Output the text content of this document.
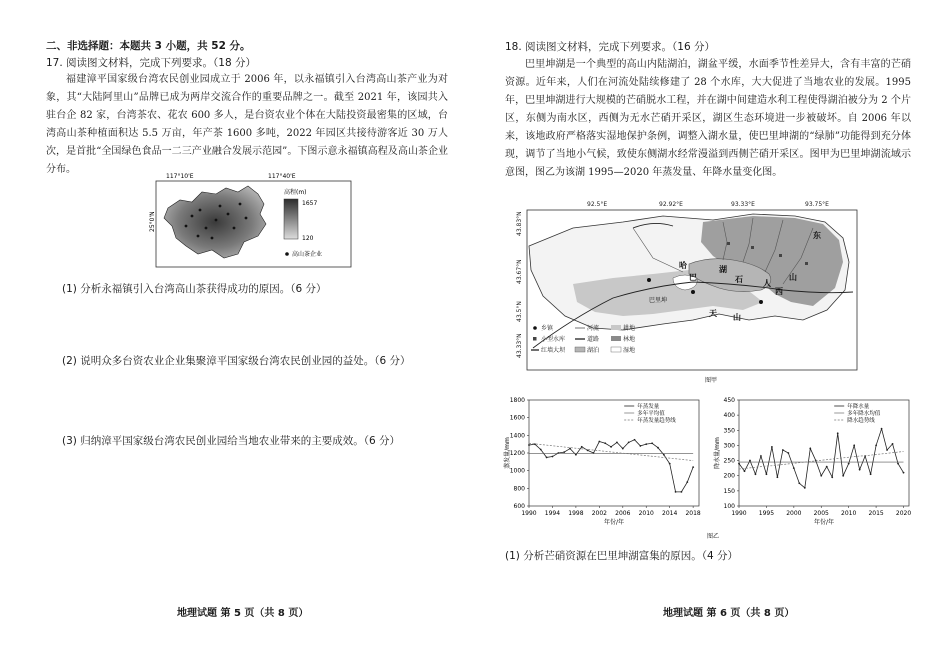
二、非选择题：本题共 3 小题，共 52 分。
17. 阅读图文材料，完成下列要求。（18 分）
福建漳平国家级台湾农民创业园成立于 2006 年，以永福镇引入台湾高山茶产业为对象，其“大陆阿里山”品牌已成为两岸交流合作的重要品牌之一。截至 2021 年，该园共入驻台企 82 家，台湾茶农、花农 600 多人，是台资农业个体在大陆投资最密集的区域，台湾高山茶种植面积达 5.5 万亩，年产茶 1600 多吨，2022 年园区共接待游客近 30 万人次，是首批“全国绿色食品一二三产业融合发展示范园”。下图示意永福镇高程及高山茶企业分布。
117°10'E	117°40'E
25°0'N
高程(m)
1657
120
高山茶企业
(1) 分析永福镇引入台湾高山茶获得成功的原因。（6 分）
(2) 说明众多台资农业企业集聚漳平国家级台湾农民创业园的益处。（6 分）
(3) 归纳漳平国家级台湾农民创业园给当地农业带来的主要成效。（6 分）
地理试题 第 5 页（共 8 页）
18. 阅读图文材料，完成下列要求。（16 分）
巴里坤湖是一个典型的高山内陆湖泊，湖盆平缓，水面季节性差异大，含有丰富的芒硝资源。近年来，人们在河流处陆续修建了 28 个水库，大大促进了当地农业的发展。1995 年，巴里坤湖进行大规模的芒硝脱水工程，并在湖中间建造水利工程使得湖泊被分为 2 个片区，东侧为南水区，西侧为无水芒硝开采区，湖区生态环境进一步被破坏。自 2006 年以来，该地政府严格落实湿地保护条例，调整入湖水量，使巴里坤湖的“绿肺”功能得到充分体现，调节了当地小气候，致使东侧湖水经常漫溢到西侧芒硝开采区。图甲为巴里坤湖流域示意图，图乙为该湖 1995—2020 年蒸发量、年降水量变化图。
92.5°E	92.92°E	93.33°E	93.75°E
43.83°N
43.67°N
43.5°N
43.33°N
哈
巴
湖
巴里坤
石	人
西
山
天 山
东
乡镇
小型水库
红墙大坝
河流
道路
湖泊
耕地
林地
湿地
图甲
图乙
600
800
1000
1200
1400
1600
1800
1990 1994 1998 2002 2006 2010 2014 2018
蒸发量/mm
年份/年
年蒸发量
多年平均值
年蒸发量趋势线
100
150
200
250
300
350
400
450
1990 1995 2000 2005 2010 2015 2020
降水量/mm
年份/年
年降水量
多年降水均值
降水趋势线
(1) 分析芒硝资源在巴里坤湖富集的原因。（4 分）
地理试题 第 6 页（共 8 页）
